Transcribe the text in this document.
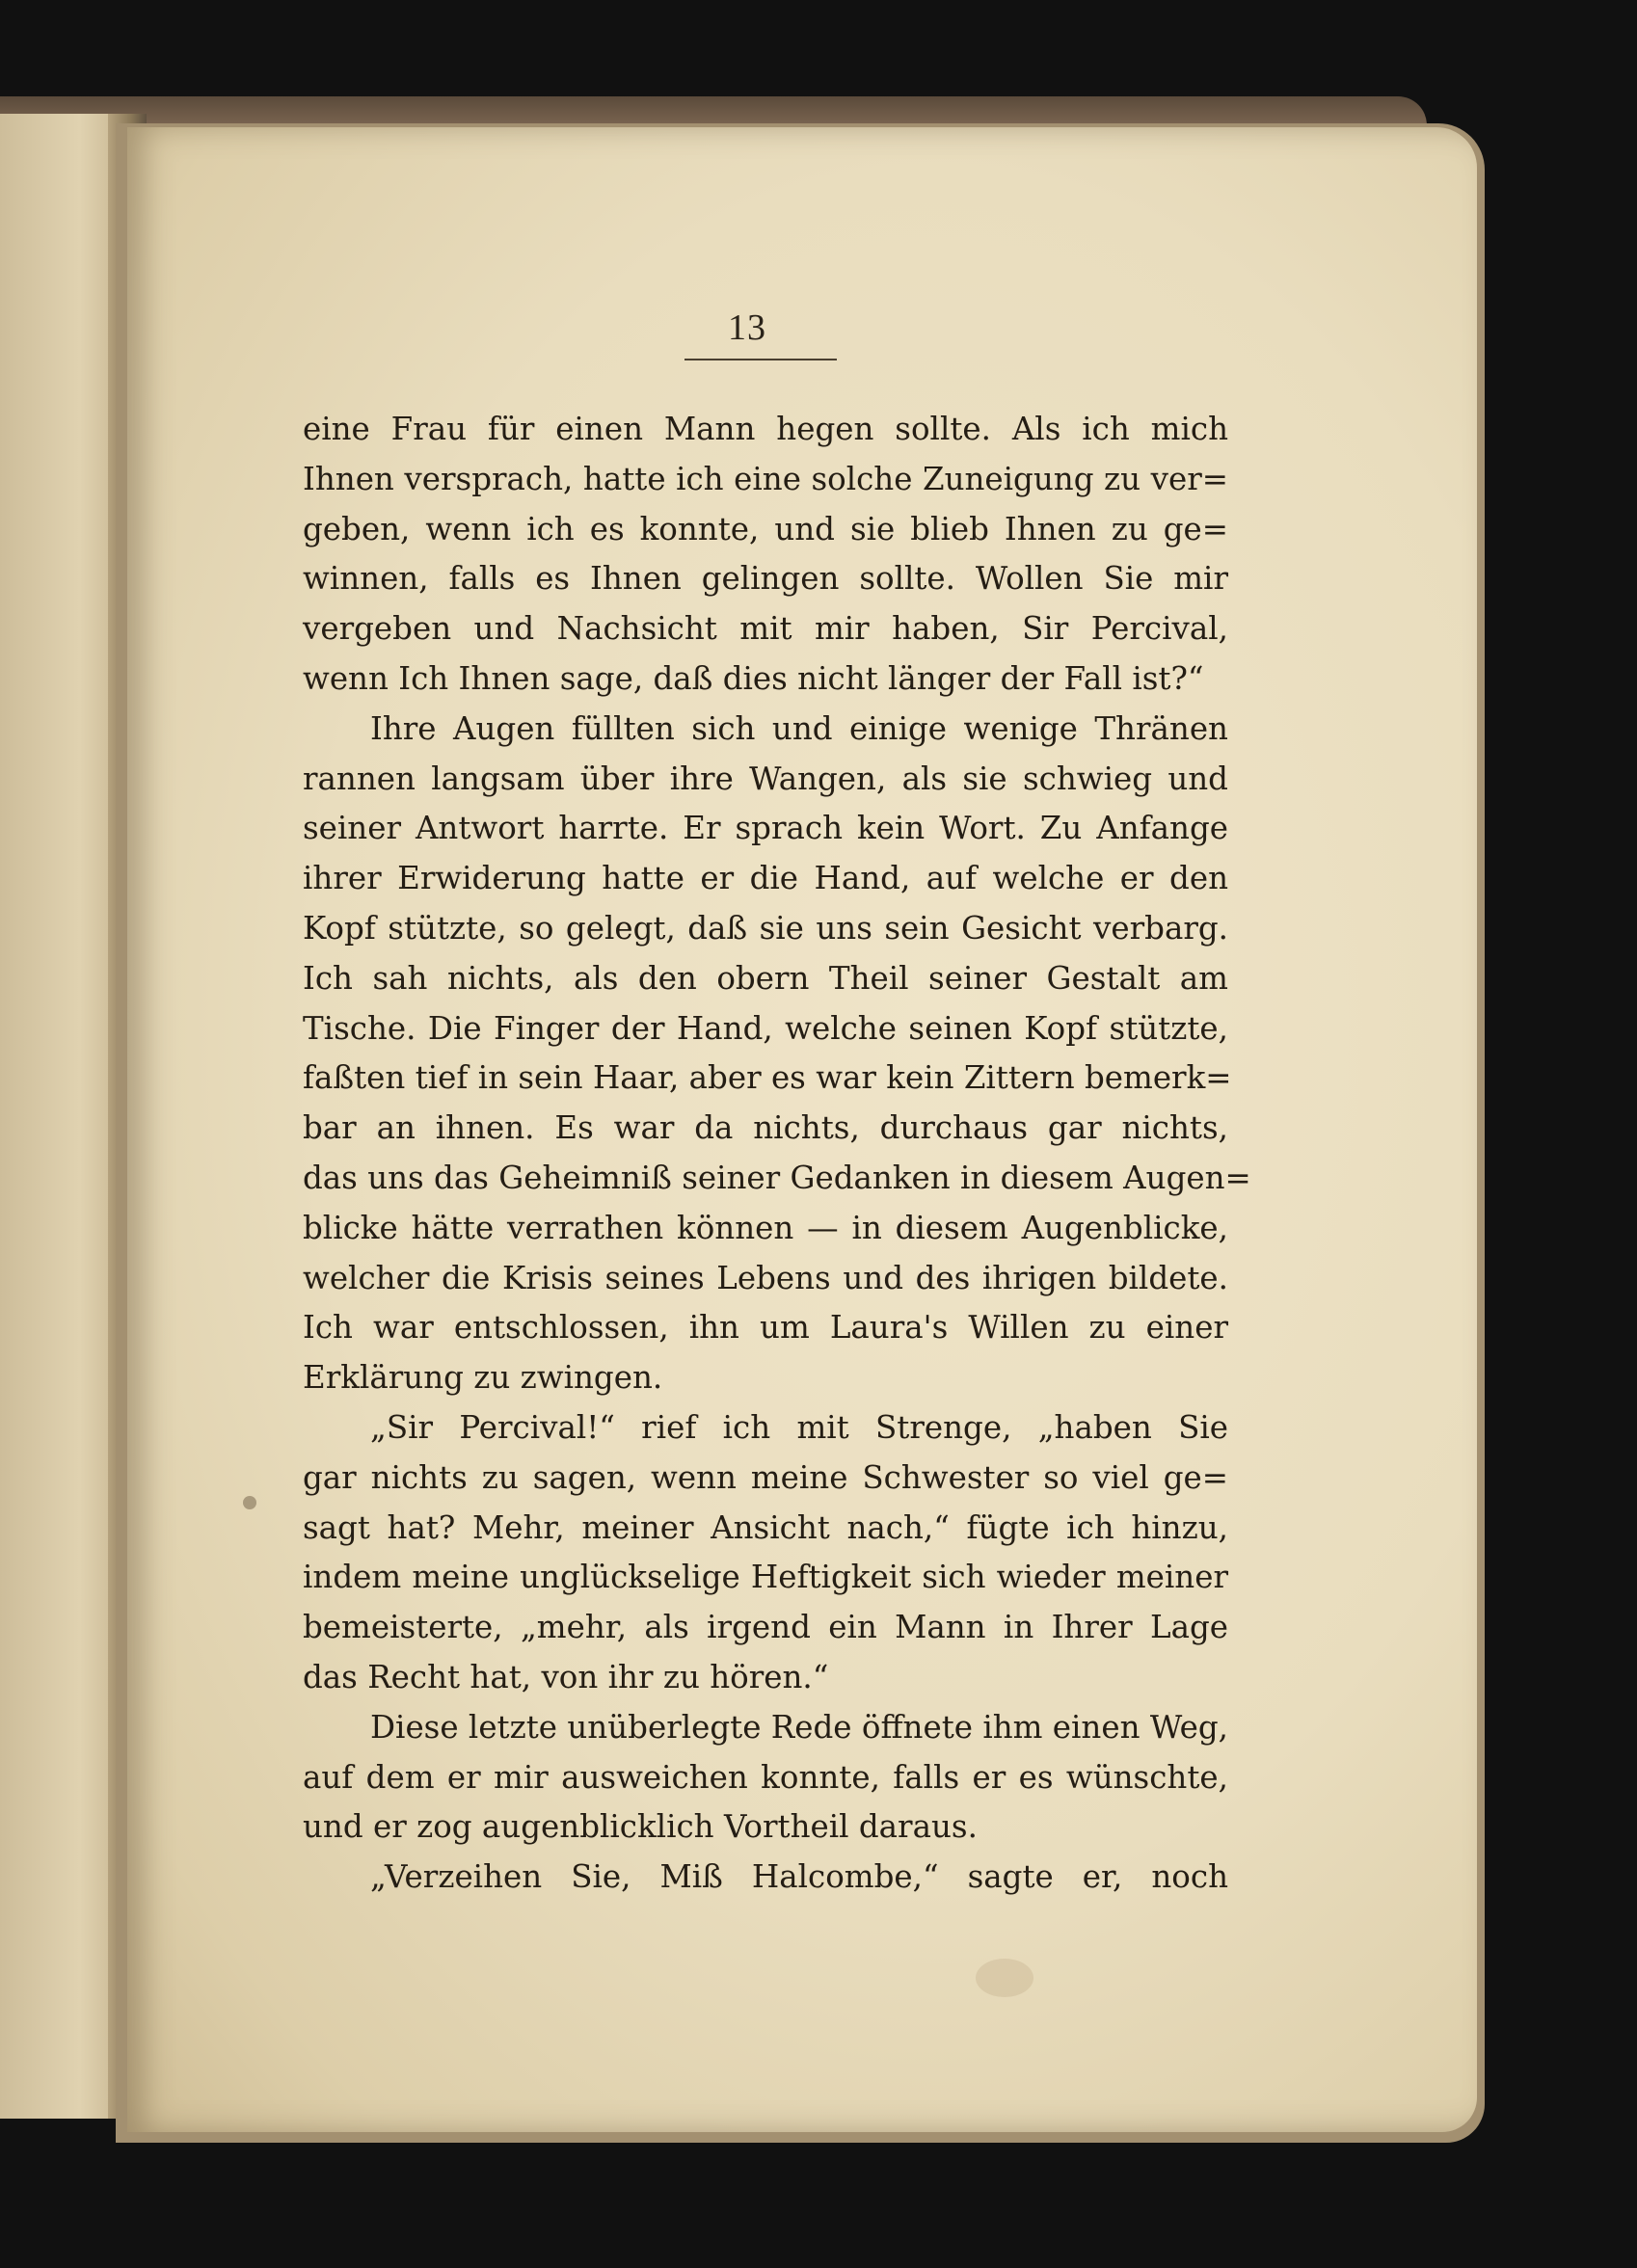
13
eine Frau für einen Mann hegen sollte. Als ich mich
Ihnen versprach, hatte ich eine solche Zuneigung zu ver=
geben, wenn ich es konnte, und sie blieb Ihnen zu ge=
winnen, falls es Ihnen gelingen sollte. Wollen Sie mir
vergeben und Nachsicht mit mir haben, Sir Percival,
wenn Ich Ihnen sage, daß dies nicht länger der Fall ist?“
Ihre Augen füllten sich und einige wenige Thränen
rannen langsam über ihre Wangen, als sie schwieg und
seiner Antwort harrte. Er sprach kein Wort. Zu Anfange
ihrer Erwiderung hatte er die Hand, auf welche er den
Kopf stützte, so gelegt, daß sie uns sein Gesicht verbarg.
Ich sah nichts, als den obern Theil seiner Gestalt am
Tische. Die Finger der Hand, welche seinen Kopf stützte,
faßten tief in sein Haar, aber es war kein Zittern bemerk=
bar an ihnen. Es war da nichts, durchaus gar nichts,
das uns das Geheimniß seiner Gedanken in diesem Augen=
blicke hätte verrathen können — in diesem Augenblicke,
welcher die Krisis seines Lebens und des ihrigen bildete.
Ich war entschlossen, ihn um Laura's Willen zu einer
Erklärung zu zwingen.
„Sir Percival!“ rief ich mit Strenge, „haben Sie
gar nichts zu sagen, wenn meine Schwester so viel ge=
sagt hat? Mehr, meiner Ansicht nach,“ fügte ich hinzu,
indem meine unglückselige Heftigkeit sich wieder meiner
bemeisterte, „mehr, als irgend ein Mann in Ihrer Lage
das Recht hat, von ihr zu hören.“
Diese letzte unüberlegte Rede öffnete ihm einen Weg,
auf dem er mir ausweichen konnte, falls er es wünschte,
und er zog augenblicklich Vortheil daraus.
„Verzeihen Sie, Miß Halcombe,“ sagte er, noch
